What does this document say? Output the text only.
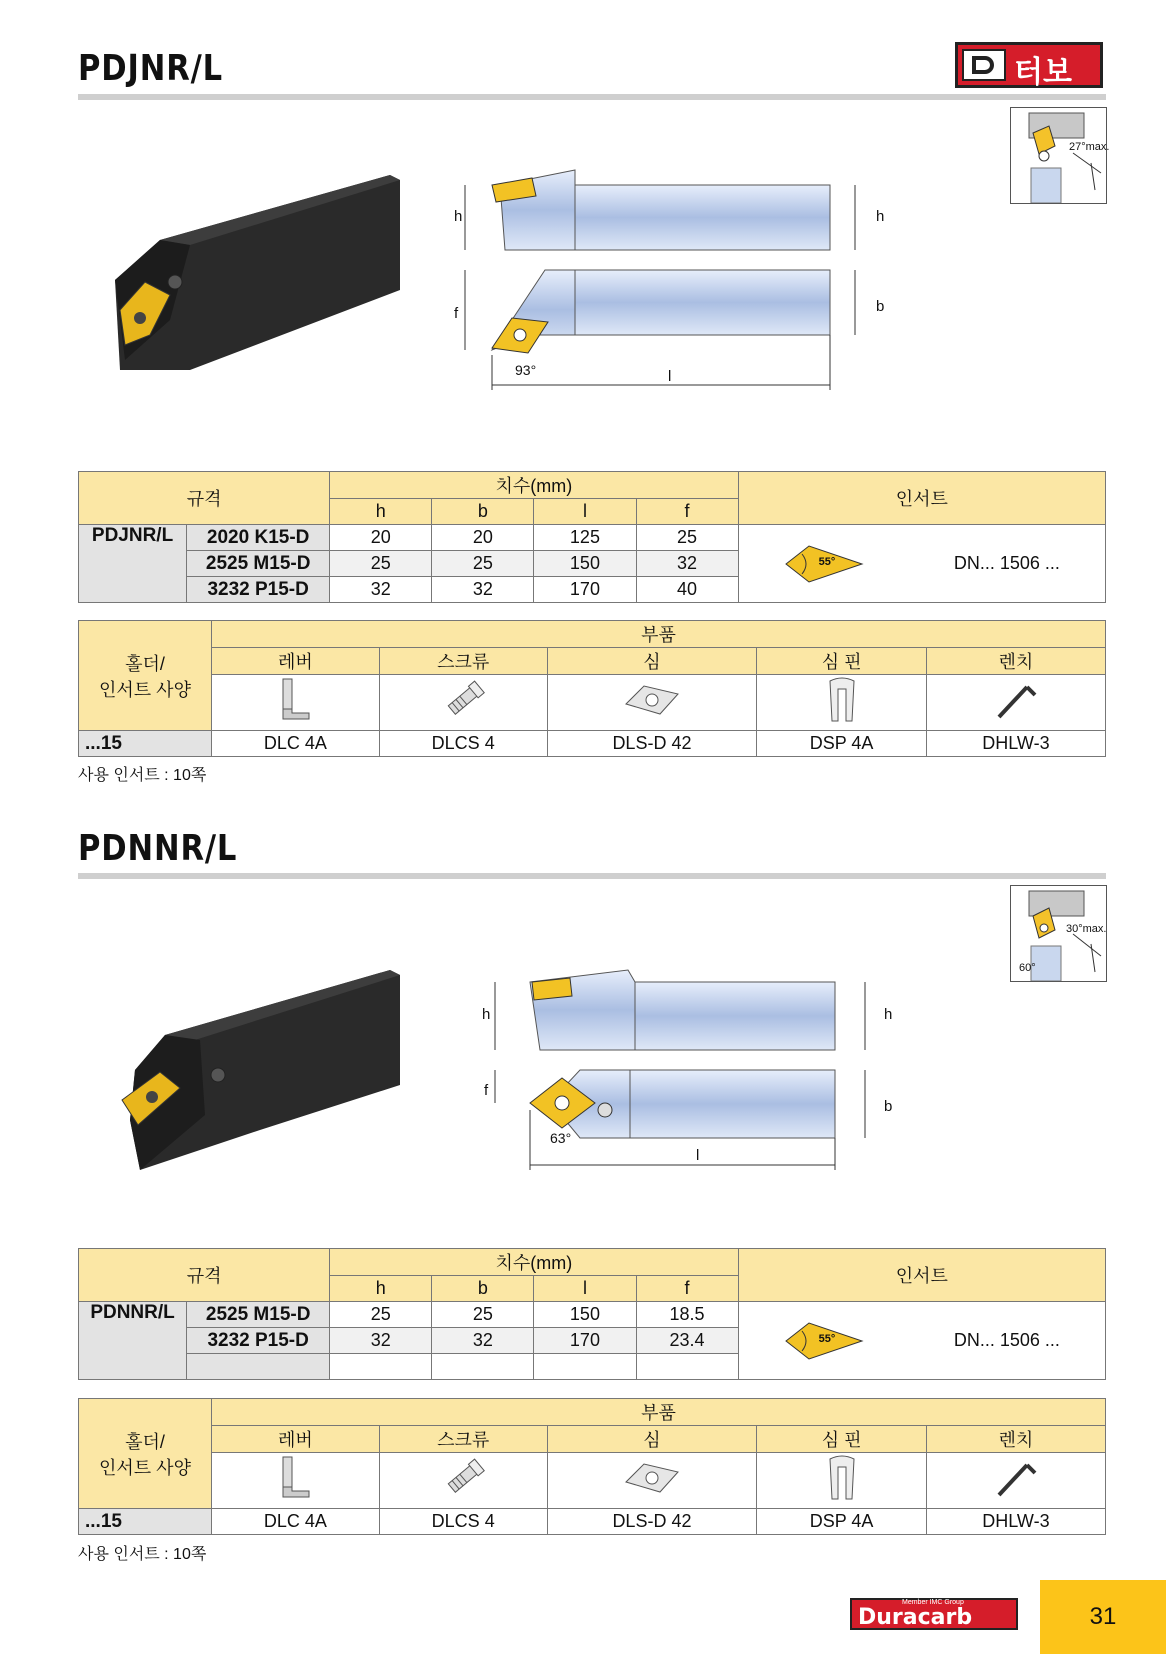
터보
PDJNR/L
27°max.
h	h
f	b
93°	l
규격		치수(mm)				인서트
		h	b	l	f	
PDJNR/L	2020 K15-D	20	20	125	25	55° DN... 1506 ...

	2525 M15-D	25	25	150	32	
	3232 P15-D	32	32	170	40	
홀더/
인서트 사양	부품				
	레버	스크류	심	심 핀	렌치

...15	DLC 4A	DLCS 4	DLS-D 42	DSP 4A	DHLW-3
사용 인서트 : 10쪽
PDNNR/L
30°max.
60°
h	h
f
b
63°
l
규격		치수(mm)				인서트
		h	b	l	f	
PDNNR/L	2525 M15-D	25	25	150	18.5	55° DN... 1506 ...

	3232 P15-D	32	32	170	23.4	

홀더/
인서트 사양	부품				
	레버	스크류	심	심 핀	렌치

...15	DLC 4A	DLCS 4	DLS-D 42	DSP 4A	DHLW-3
사용 인서트 : 10쪽
Member IMC Group
Duracarb	31
